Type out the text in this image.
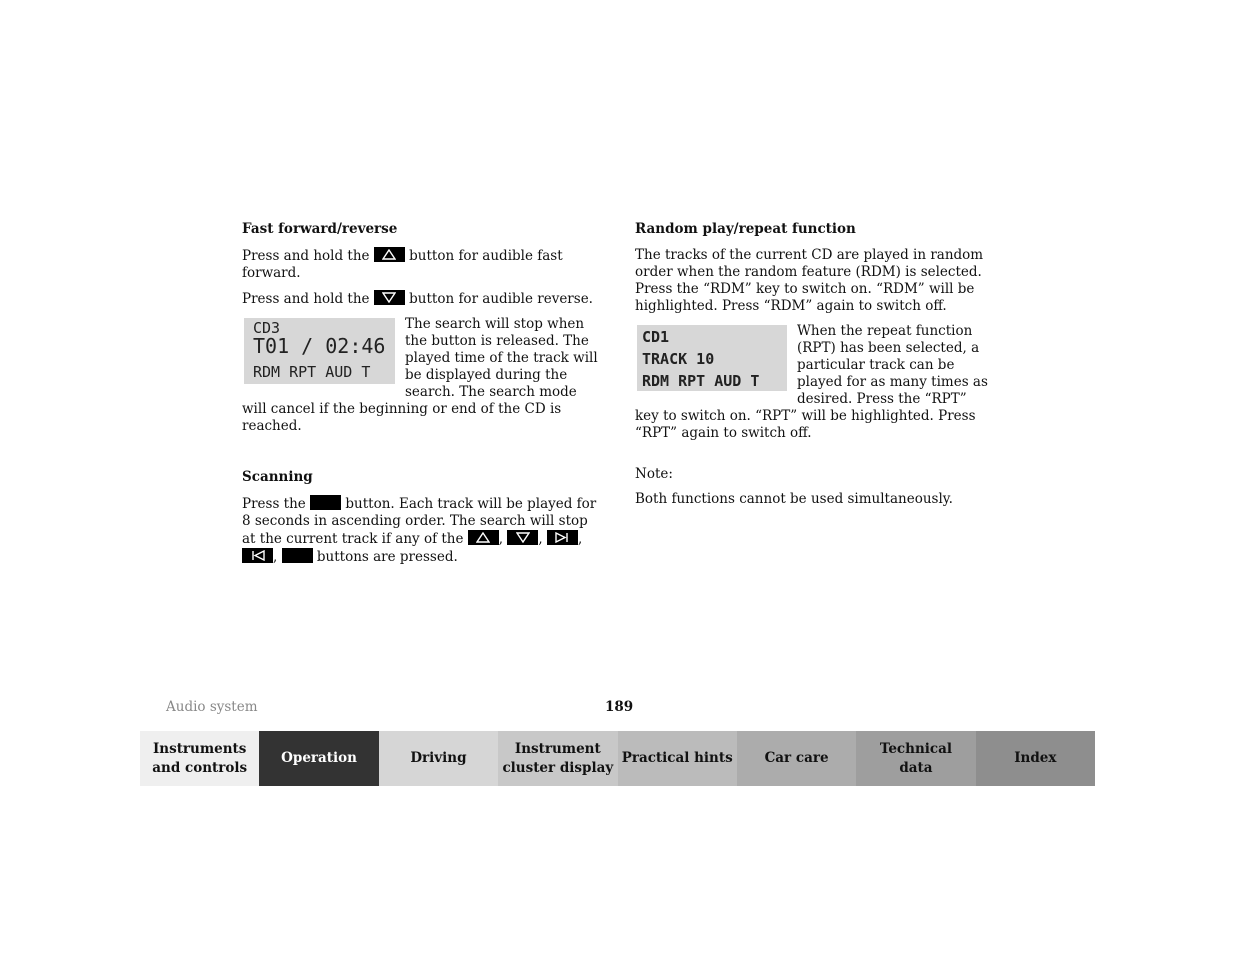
Fast forward/reverse

Press and hold the	button for audible fast forward.

Press and hold the	button for audible reverse.

CD3

T01 / 02:46

RDM RPT AUD T

The search will stop when the button is released. The played time of the track will be displayed during the search. The search mode will cancel if the beginning or end of the CD is reached.

Scanning

Press the	button. Each track will be played for 8 seconds in ascending order. The search will stop at the current track if any of the	,	,	,
,	buttons are pressed.

Random play/repeat function

The tracks of the current CD are played in random order when the random feature (RDM) is selected. Press the “RDM” key to switch on. “RDM” will be highlighted. Press “RDM” again to switch off.

CD1

TRACK 10

RDM RPT AUD T

When the repeat function (RPT) has been selected, a particular track can be played for as many times as desired. Press the “RPT” key to switch on. “RPT” will be highlighted. Press “RPT” again to switch off.

Note:

Both functions cannot be used simultaneously.

Audio system	189
Instruments
and controls
Operation	Driving
Instrument
cluster display
Practical hints	Car care
Technical
data
Index
